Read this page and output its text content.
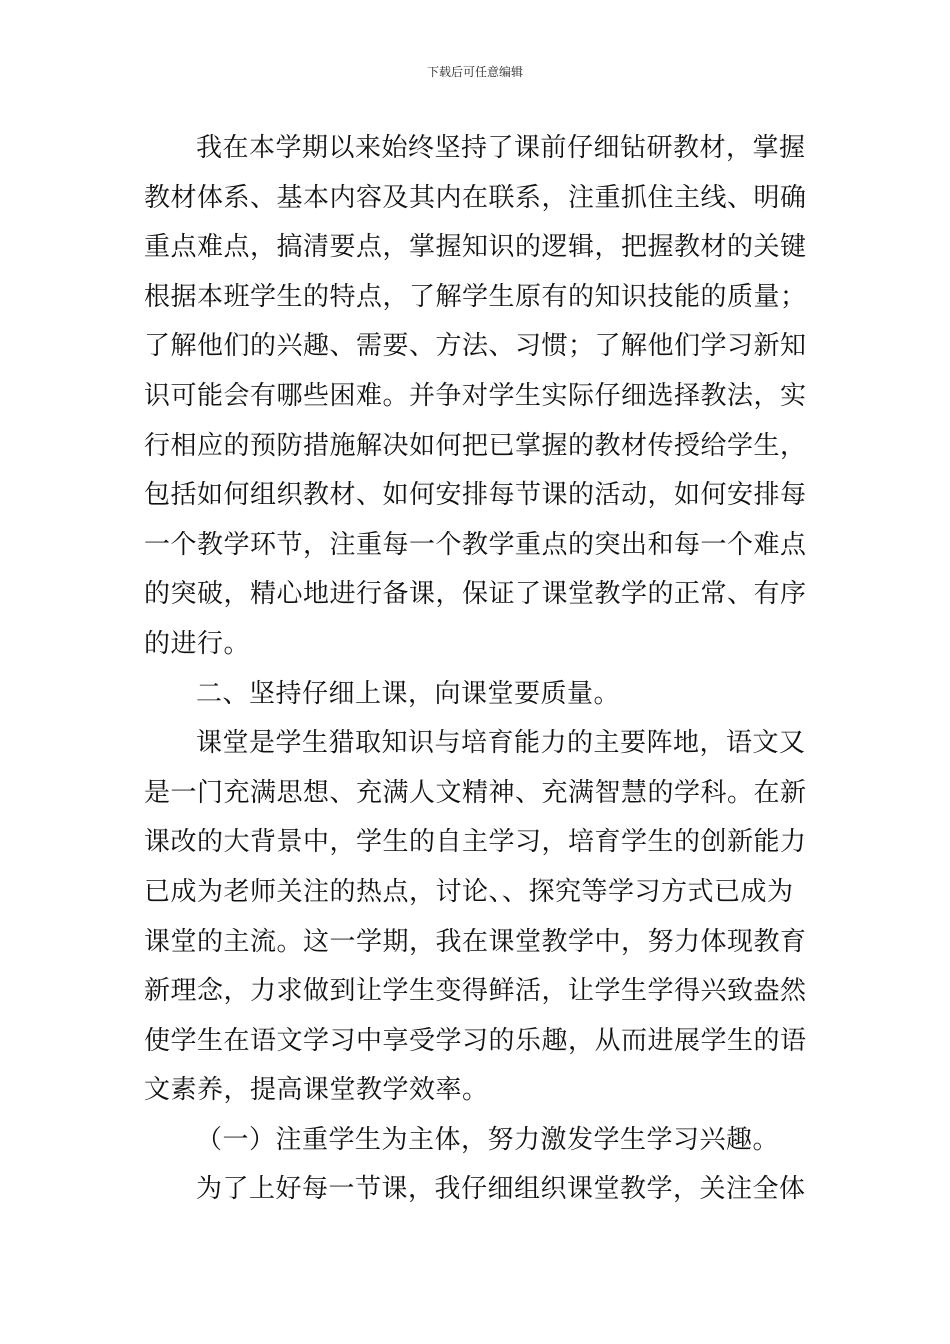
下载后可任意编辑
我在本学期以来始终坚持了课前仔细钻研教材，掌握
教材体系、基本内容及其内在联系，注重抓住主线、明确
重点难点，搞清要点，掌握知识的逻辑，把握教材的关键
根据本班学生的特点，了解学生原有的知识技能的质量；
了解他们的兴趣、需要、方法、习惯；了解他们学习新知
识可能会有哪些困难。并争对学生实际仔细选择教法，实
行相应的预防措施解决如何把已掌握的教材传授给学生，
包括如何组织教材、如何安排每节课的活动，如何安排每
一个教学环节，注重每一个教学重点的突出和每一个难点
的突破，精心地进行备课，保证了课堂教学的正常、有序
的进行。
二、坚持仔细上课，向课堂要质量。
课堂是学生猎取知识与培育能力的主要阵地，语文又
是一门充满思想、充满人文精神、充满智慧的学科。在新
课改的大背景中，学生的自主学习，培育学生的创新能力
已成为老师关注的热点，讨论、、探究等学习方式已成为
课堂的主流。这一学期，我在课堂教学中，努力体现教育
新理念，力求做到让学生变得鲜活，让学生学得兴致盎然
使学生在语文学习中享受学习的乐趣，从而进展学生的语
文素养，提高课堂教学效率。
（一）注重学生为主体，努力激发学生学习兴趣。
为了上好每一节课，我仔细组织课堂教学，关注全体
